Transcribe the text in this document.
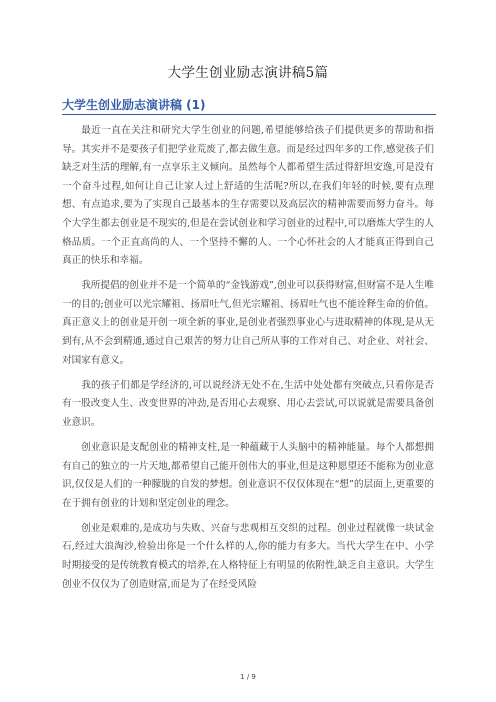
大学生创业励志演讲稿5篇
大学生创业励志演讲稿 (1)

最近一直在关注和研究大学生创业的问题,希望能够给孩子们提供更多的帮助和指导。其实并不是要孩子们把学业荒废了,都去做生意。而是经过四年多的工作,感觉孩子们缺乏对生活的理解,有一点享乐主义倾向。虽然每个人都希望生活过得舒坦安逸,可是没有一个奋斗过程,如何让自己让家人过上舒适的生活呢?所以,在我们年轻的时候,要有点理想、有点追求,要为了实现自己最基本的生存需要以及高层次的精神需要而努力奋斗。每个大学生都去创业是不现实的,但是在尝试创业和学习创业的过程中,可以磨炼大学生的人格品质。一个正直高尚的人、一个坚持不懈的人、一个心怀社会的人才能真正得到自己真正的快乐和幸福。

我所提倡的创业并不是一个简单的“金钱游戏”,创业可以获得财富,但财富不是人生唯一的目的;创业可以光宗耀祖、扬眉吐气,但光宗耀祖、扬眉吐气也不能诠释生命的价值。真正意义上的创业是开创一项全新的事业,是创业者强烈事业心与进取精神的体现,是从无到有,从不会到精通,通过自己艰苦的努力让自己所从事的工作对自己、对企业、对社会、对国家有意义。

我的孩子们都是学经济的,可以说经济无处不在,生活中处处都有突破点,只看你是否有一股改变人生、改变世界的冲劲,是否用心去观察、用心去尝试,可以说就是需要具备创业意识。

创业意识是支配创业的精神支柱,是一种蕴藏于人头脑中的精神能量。每个人都想拥有自己的独立的一片天地,都希望自己能开创伟大的事业,但是这种愿望还不能称为创业意识,仅仅是人们的一种朦胧的自发的梦想。创业意识不仅仅体现在“想”的层面上,更重要的在于拥有创业的计划和坚定创业的理念。

创业是艰难的,是成功与失败、兴奋与悲观相互交织的过程。创业过程就像一块试金石,经过大浪淘沙,检验出你是一个什么样的人,你的能力有多大。当代大学生在中、小学时期接受的是传统教育模式的培养,在人格特征上有明显的依附性,缺乏自主意识。大学生创业不仅仅为了创造财富,而是为了在经受风险

1 / 9
